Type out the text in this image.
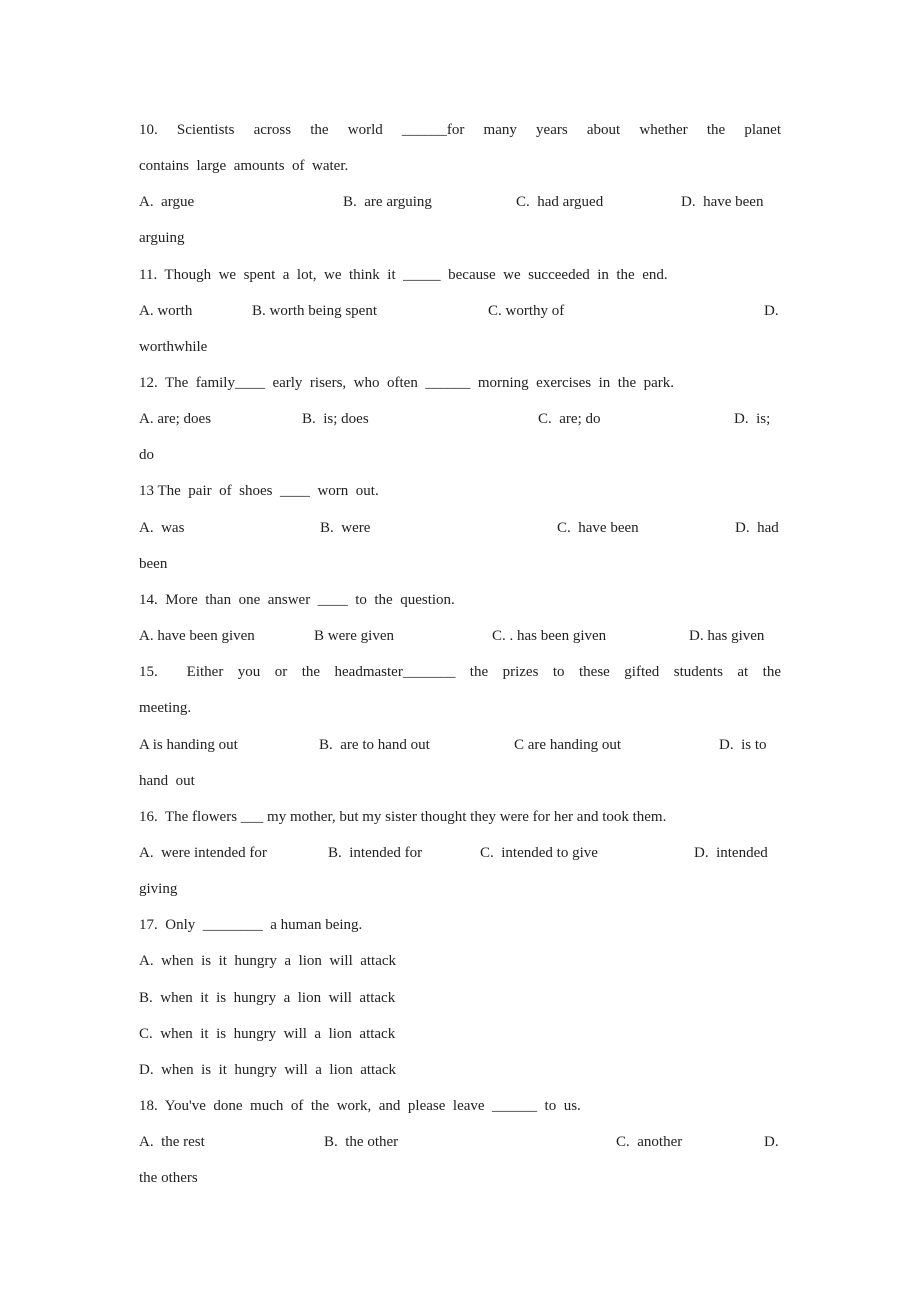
10.  Scientists  across  the  world  ______for  many  years  about  whether  the  planet
contains  large  amounts  of  water.
A.  argue	B.  are arguing	C.  had argued	D.  have been
arguing
11.  Though  we  spent  a  lot,  we  think  it  _____  because  we  succeeded  in  the  end.
A. worth	B. worth being spent	C. worthy of	D.
worthwhile
12.  The  family____  early  risers,  who  often  ______  morning  exercises  in  the  park.
A. are; does	B.  is; does	C.  are; do	D.  is;
do
13 The  pair  of  shoes  ____  worn  out.
A.  was	B.  were	C.  have been	D.  had
been
14.  More  than  one  answer  ____  to  the  question.
A. have been given	B were given	C. . has been given	D. has given
15.  Either you or the headmaster_______ the prizes to these gifted students at the
meeting.
A is handing out	B.  are to hand out	C are handing out	D.  is to
hand  out
16.  The flowers ___ my mother, but my sister thought they were for her and took them.
A.  were intended for	B.  intended for	C.  intended to give	D.  intended
giving
17.  Only  ________  a human being.
A.  when  is  it  hungry  a  lion  will  attack
B.  when  it  is  hungry  a  lion  will  attack
C.  when  it  is  hungry  will  a  lion  attack
D.  when  is  it  hungry  will  a  lion  attack
18.  You've  done  much  of  the  work,  and  please  leave  ______  to  us.
A.  the rest	B.  the other	C.  another	D.
the others
